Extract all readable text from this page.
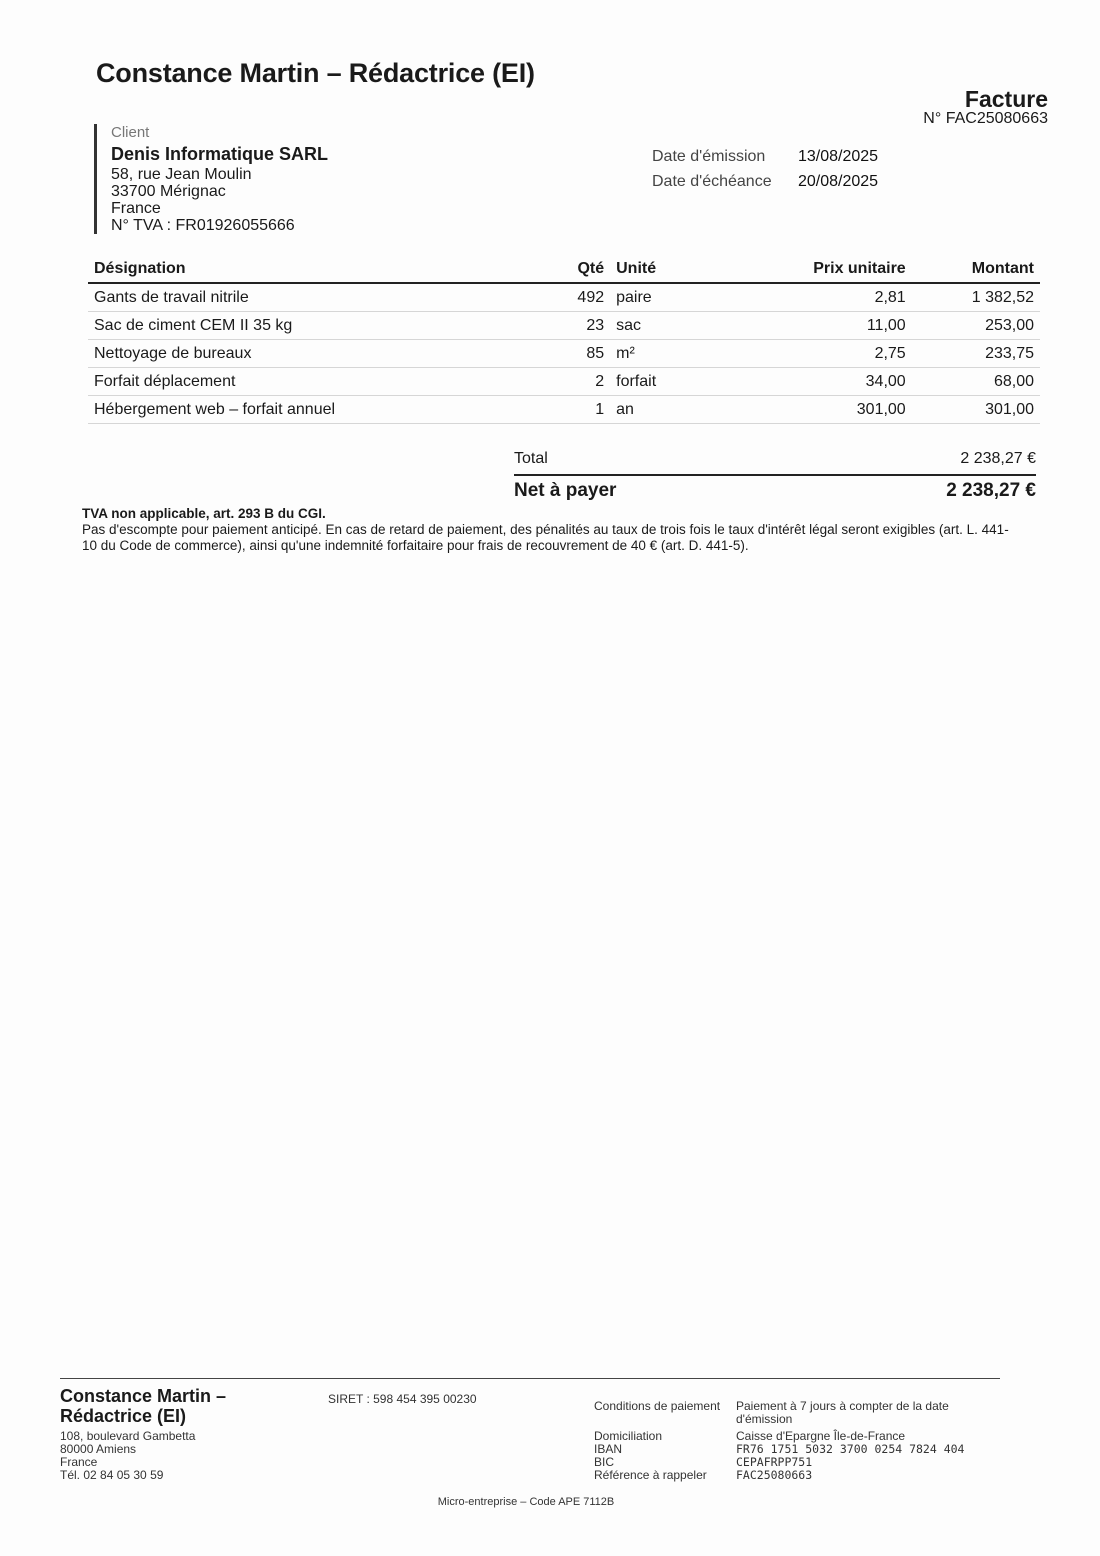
Constance Martin – Rédactrice (EI)
Facture
N° FAC25080663
Client
Denis Informatique SARL
58, rue Jean Moulin
33700 Mérignac
France
N° TVA : FR01926055666
Date d'émission	13/08/2025
Date d'échéance	20/08/2025
Désignation	Qté	Unité	Prix unitaire	Montant
Gants de travail nitrile	492	paire	2,81	1 382,52
Sac de ciment CEM II 35 kg	23	sac	11,00	253,00
Nettoyage de bureaux	85	m²	2,75	233,75
Forfait déplacement	2	forfait	34,00	68,00
Hébergement web – forfait annuel	1	an	301,00	301,00
Total	2 238,27 €
Net à payer	2 238,27 €
TVA non applicable, art. 293 B du CGI.
Pas d'escompte pour paiement anticipé. En cas de retard de paiement, des pénalités au taux de trois fois le taux d'intérêt légal seront exigibles (art. L. 441-10 du Code de commerce), ainsi qu'une indemnité forfaitaire pour frais de recouvrement de 40 € (art. D. 441-5).
Constance Martin – Rédactrice (EI)
108, boulevard Gambetta
80000 Amiens
France
Tél. 02 84 05 30 59
SIRET : 598 454 395 00230	Conditions de paiement	Paiement à 7 jours à compter de la date d'émission
Domiciliation	Caisse d'Epargne Île-de-France
IBAN	FR76 1751 5032 3700 0254 7824 404
BIC	CEPAFRPP751
Référence à rappeler	FAC25080663
Micro-entreprise – Code APE 7112B
